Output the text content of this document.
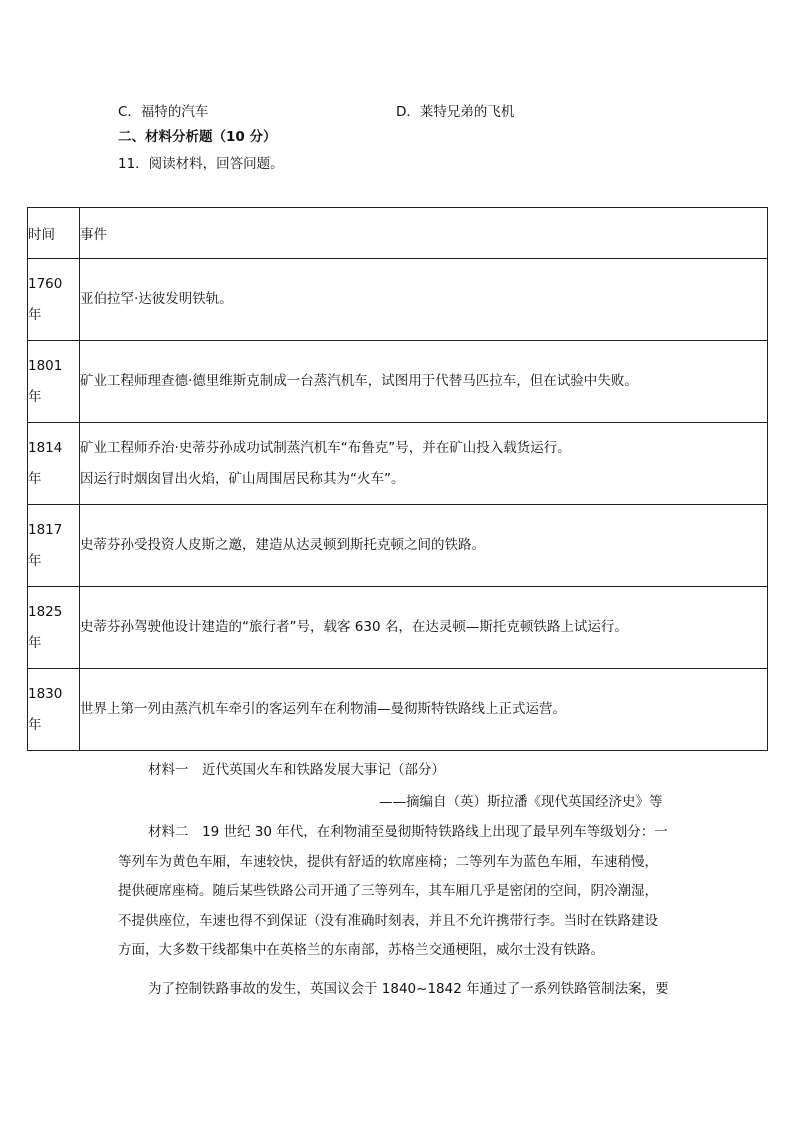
C．福特的汽车	D．莱特兄弟的飞机
二、材料分析题（10 分）
11．阅读材料，回答问题。
时间	事件

1760
年	亚伯拉罕·达彼发明铁轨。

1801
年	矿业工程师理查德·德里维斯克制成一台蒸汽机车，试图用于代替马匹拉车，但在试验中失败。

1814
年	矿业工程师乔治·史蒂芬孙成功试制蒸汽机车“布鲁克”号，并在矿山投入载货运行。
因运行时烟囱冒出火焰，矿山周围居民称其为“火车”。

1817
年	史蒂芬孙受投资人皮斯之邀，建造从达灵顿到斯托克顿之间的铁路。

1825
年	史蒂芬孙驾驶他设计建造的“旅行者”号，载客 630 名，在达灵顿—斯托克顿铁路上试运行。

1830
年	世界上第一列由蒸汽机车牵引的客运列车在利物浦—曼彻斯特铁路线上正式运营。
材料一　近代英国火车和铁路发展大事记（部分）
——摘编自（英）斯拉潘《现代英国经济史》等
材料二　19 世纪 30 年代，在利物浦至曼彻斯特铁路线上出现了最早列车等级划分：一
等列车为黄色车厢，车速较快，提供有舒适的软席座椅；二等列车为蓝色车厢，车速稍慢，
提供硬席座椅。随后某些铁路公司开通了三等列车，其车厢几乎是密闭的空间，阴冷潮湿，
不提供座位，车速也得不到保证（没有准确时刻表，并且不允许携带行李。当时在铁路建设
方面，大多数干线都集中在英格兰的东南部，苏格兰交通梗阻，威尔士没有铁路。
为了控制铁路事故的发生，英国议会于 1840~1842 年通过了一系列铁路管制法案，要
